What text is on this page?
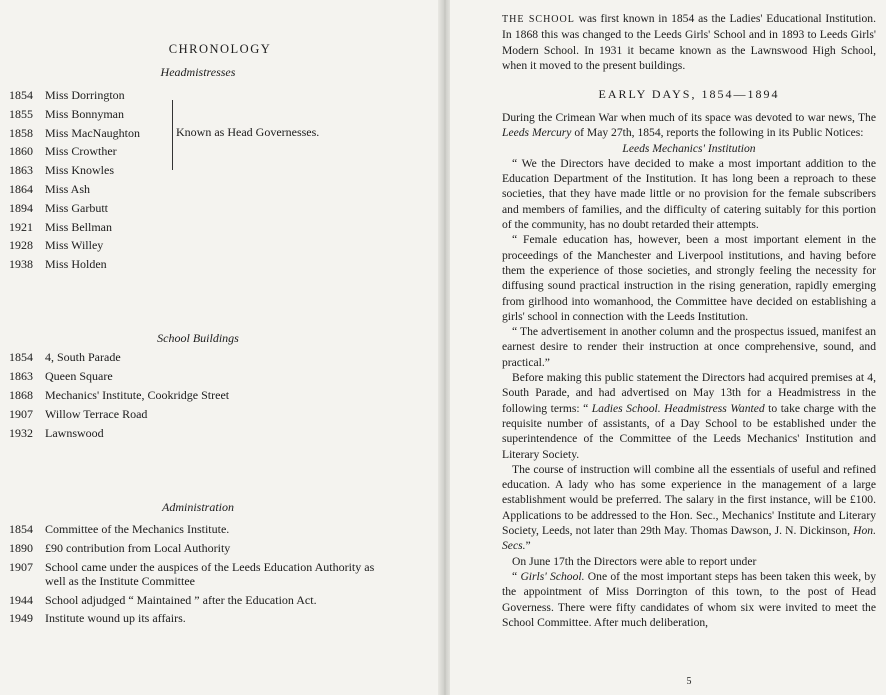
CHRONOLOGY
Headmistresses
1854 Miss Dorrington
1855 Miss Bonnyman
1858 Miss MacNaughton
1860 Miss Crowther
1863 Miss Knowles
1864 Miss Ash
1894 Miss Garbutt
1921 Miss Bellman
1928 Miss Willey
1938 Miss Holden
Known as Head Governesses.
School Buildings
1854 4, South Parade
1863 Queen Square
1868 Mechanics' Institute, Cookridge Street
1907 Willow Terrace Road
1932 Lawnswood
Administration
1854 Committee of the Mechanics Institute.
1890 £90 contribution from Local Authority
1907 School came under the auspices of the Leeds Education Authority as well as the Institute Committee
1944 School adjudged “ Maintained ” after the Education Act.
1949 Institute wound up its affairs.

THE SCHOOL was first known in 1854 as the Ladies' Educational Institution. In 1868 this was changed to the Leeds Girls' School and in 1893 to Leeds Girls' Modern School. In 1931 it became known as the Lawnswood High School, when it moved to the present buildings.

EARLY DAYS, 1854—1894

During the Crimean War when much of its space was devoted to war news, The Leeds Mercury of May 27th, 1854, reports the following in its Public Notices:

Leeds Mechanics' Institution

“ We the Directors have decided to make a most important addition to the Education Department of the Institution. It has long been a reproach to these societies, that they have made little or no provision for the female subscribers and members of families, and the difficulty of catering suitably for this portion of the community, has no doubt retarded their attempts.

“ Female education has, however, been a most important element in the proceedings of the Manchester and Liverpool institutions, and having before them the experience of those societies, and strongly feeling the necessity for diffusing sound practical instruction in the rising generation, rapidly emerging from girlhood into womanhood, the Committee have decided on establishing a girls' school in connection with the Leeds Institution.

“ The advertisement in another column and the prospectus issued, manifest an earnest desire to render their instruction at once comprehensive, sound, and practical.”

Before making this public statement the Directors had acquired premises at 4, South Parade, and had advertised on May 13th for a Headmistress in the following terms: “ Ladies School. Headmistress Wanted to take charge with the requisite number of assistants, of a Day School to be established under the superintendence of the Committee of the Leeds Mechanics' Institution and Literary Society.

The course of instruction will combine all the essentials of useful and refined education. A lady who has some experience in the management of a large establishment would be preferred. The salary in the first instance, will be £100. Applications to be addressed to the Hon. Sec., Mechanics' Institute and Literary Society, Leeds, not later than 29th May. Thomas Dawson, J. N. Dickinson, Hon. Secs.”

On June 17th the Directors were able to report under

“ Girls' School. One of the most important steps has been taken this week, by the appointment of Miss Dorrington of this town, to the post of Head Governess. There were fifty candidates of whom six were invited to meet the School Committee. After much deliberation,

5
